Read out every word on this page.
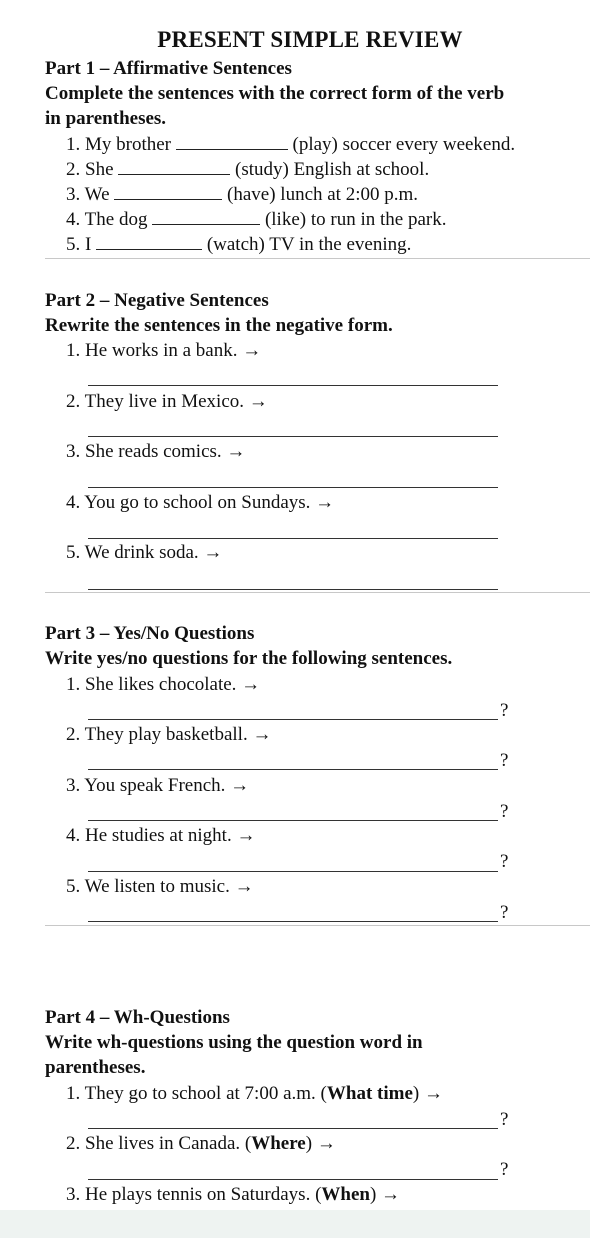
PRESENT SIMPLE REVIEW
Part 1 – Affirmative Sentences
Complete the sentences with the correct form of the verb
in parentheses.
1. My brother	(play) soccer every weekend.
2. She	(study) English at school.
3. We	(have) lunch at 2:00 p.m.
4. The dog	(like) to run in the park.
5. I	(watch) TV in the evening.
Part 2 – Negative Sentences
Rewrite the sentences in the negative form.
1. He works in a bank. →
2. They live in Mexico. →
3. She reads comics. →
4. You go to school on Sundays. →
5. We drink soda. →
Part 3 – Yes/No Questions
Write yes/no questions for the following sentences.
1. She likes chocolate. →
?
2. They play basketball. →
?
3. You speak French. →
?
4. He studies at night. →
?
5. We listen to music. →
?
Part 4 – Wh-Questions
Write wh-questions using the question word in
parentheses.
1. They go to school at 7:00 a.m. (What time) →
?
2. She lives in Canada. (Where) →
?
3. He plays tennis on Saturdays. (When) →
